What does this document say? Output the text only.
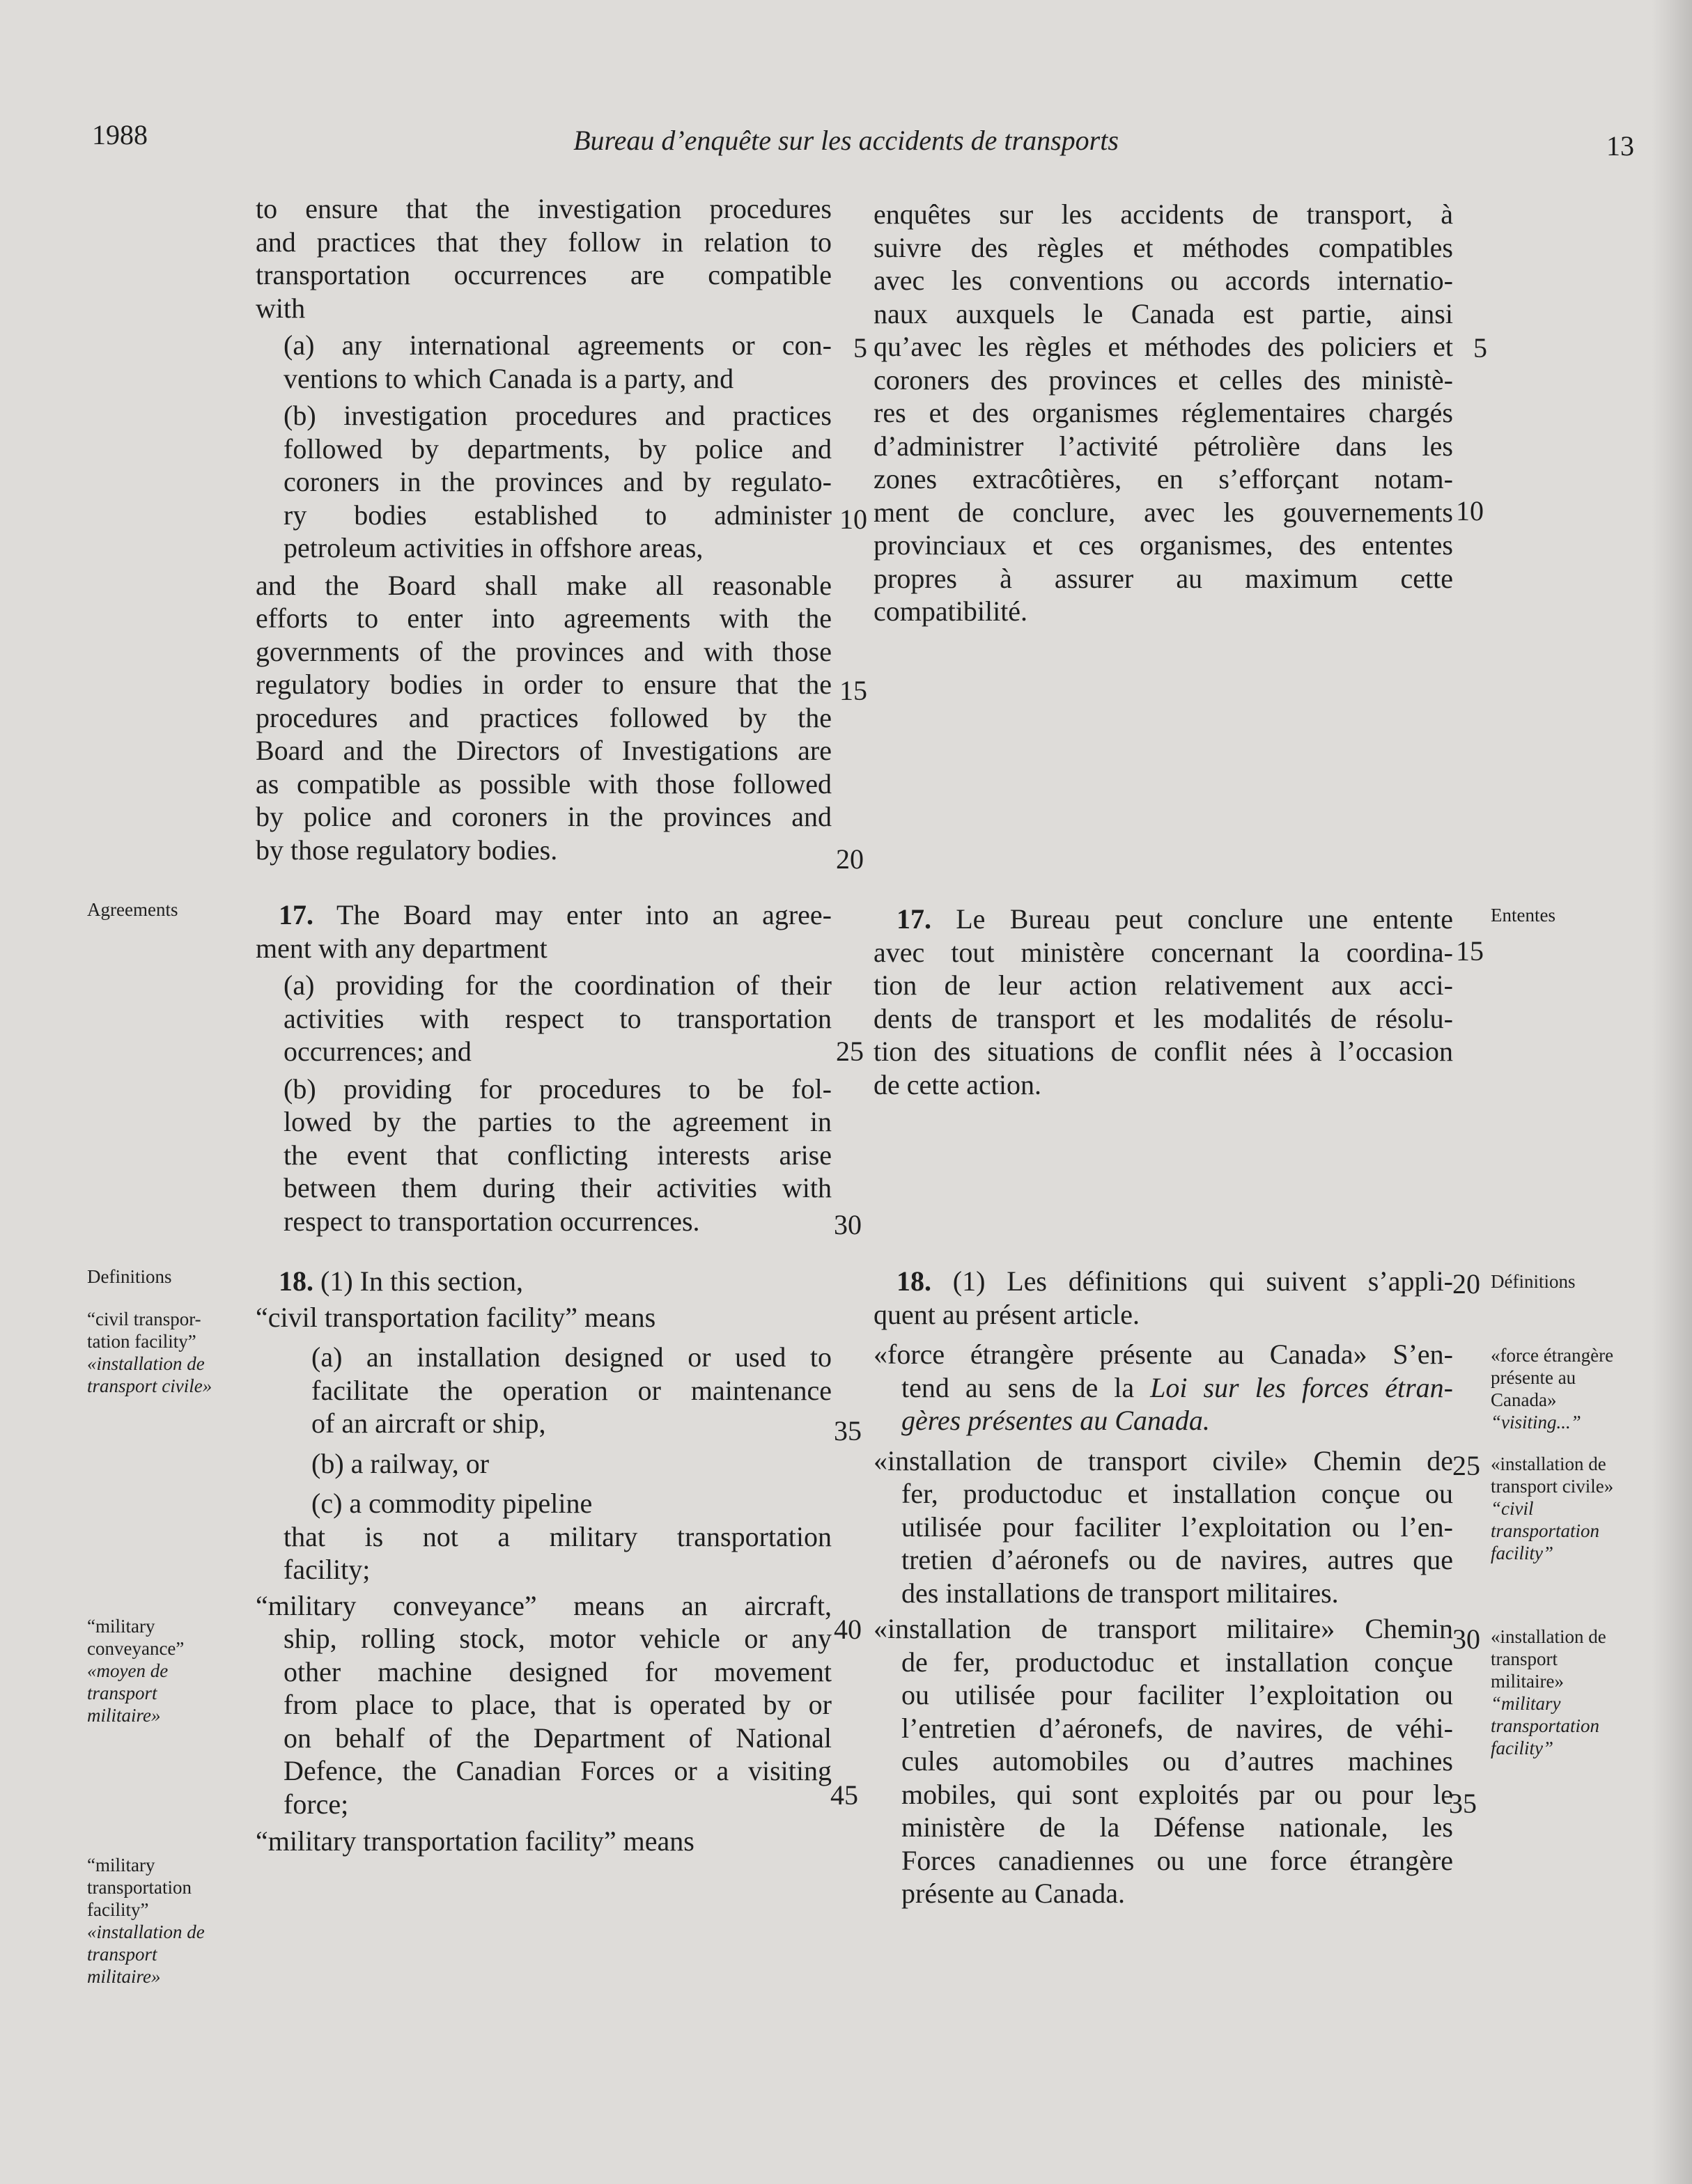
1988	Bureau d’enquête sur les accidents de transports	13

to ensure that the investigation procedures

and practices that they follow in relation to

transportation occurrences are compatible

with

(a) any international agreements or con-

ventions to which Canada is a party, and

(b) investigation procedures and practices

followed by departments, by police and

coroners in the provinces and by regulato-

ry bodies established to administer

petroleum activities in offshore areas,

and the Board shall make all reasonable

efforts to enter into agreements with the

governments of the provinces and with those

regulatory bodies in order to ensure that the

procedures and practices followed by the

Board and the Directors of Investigations are

as compatible as possible with those followed

by police and coroners in the provinces and

by those regulatory bodies.

17. The Board may enter into an agree-

ment with any department

(a) providing for the coordination of their

activities with respect to transportation

occurrences; and

(b) providing for procedures to be fol-

lowed by the parties to the agreement in

the event that conflicting interests arise

between them during their activities with

respect to transportation occurrences.

18. (1) In this section,

“civil transportation facility” means

(a) an installation designed or used to

facilitate the operation or maintenance

of an aircraft or ship,

(b) a railway, or

(c) a commodity pipeline

that is not a military transportation

facility;

“military conveyance” means an aircraft,

ship, rolling stock, motor vehicle or any

other machine designed for movement

from place to place, that is operated by or

on behalf of the Department of National

Defence, the Canadian Forces or a visiting

force;

“military transportation facility” means

enquêtes sur les accidents de transport, à

suivre des règles et méthodes compatibles

avec les conventions ou accords internatio-

naux auxquels le Canada est partie, ainsi

qu’avec les règles et méthodes des policiers et

coroners des provinces et celles des ministè-

res et des organismes réglementaires chargés

d’administrer l’activité pétrolière dans les

zones extracôtières, en s’efforçant notam-

ment de conclure, avec les gouvernements

provinciaux et ces organismes, des ententes

propres à assurer au maximum cette

compatibilité.

17. Le Bureau peut conclure une entente

avec tout ministère concernant la coordina-

tion de leur action relativement aux acci-

dents de transport et les modalités de résolu-

tion des situations de conflit nées à l’occasion

de cette action.

18. (1) Les définitions qui suivent s’appli-

quent au présent article.

«force étrangère présente au Canada» S’en-

tend au sens de la Loi sur les forces étran-

gères présentes au Canada.

«installation de transport civile» Chemin de

fer, productoduc et installation conçue ou

utilisée pour faciliter l’exploitation ou l’en-

tretien d’aéronefs ou de navires, autres que

des installations de transport militaires.

«installation de transport militaire» Chemin

de fer, productoduc et installation conçue

ou utilisée pour faciliter l’exploitation ou

l’entretien d’aéronefs, de navires, de véhi-

cules automobiles ou d’autres machines

mobiles, qui sont exploités par ou pour le

ministère de la Défense nationale, les

Forces canadiennes ou une force étrangère

présente au Canada.

5
10
15
20
25
30
35
40
45
5
10
15
20
25
30
35
Agreements
Definitions
“civil transpor-
tation facility”
«installation de
transport civile»
“military
conveyance”
«moyen de
transport
militaire»
“military
transportation
facility”
«installation de
transport
militaire»
Ententes
Définitions
«force étrangère
présente au
Canada»
“visiting...”
«installation de
transport civile»
“civil
transportation
facility”
«installation de
transport
militaire»
“military
transportation
facility”
